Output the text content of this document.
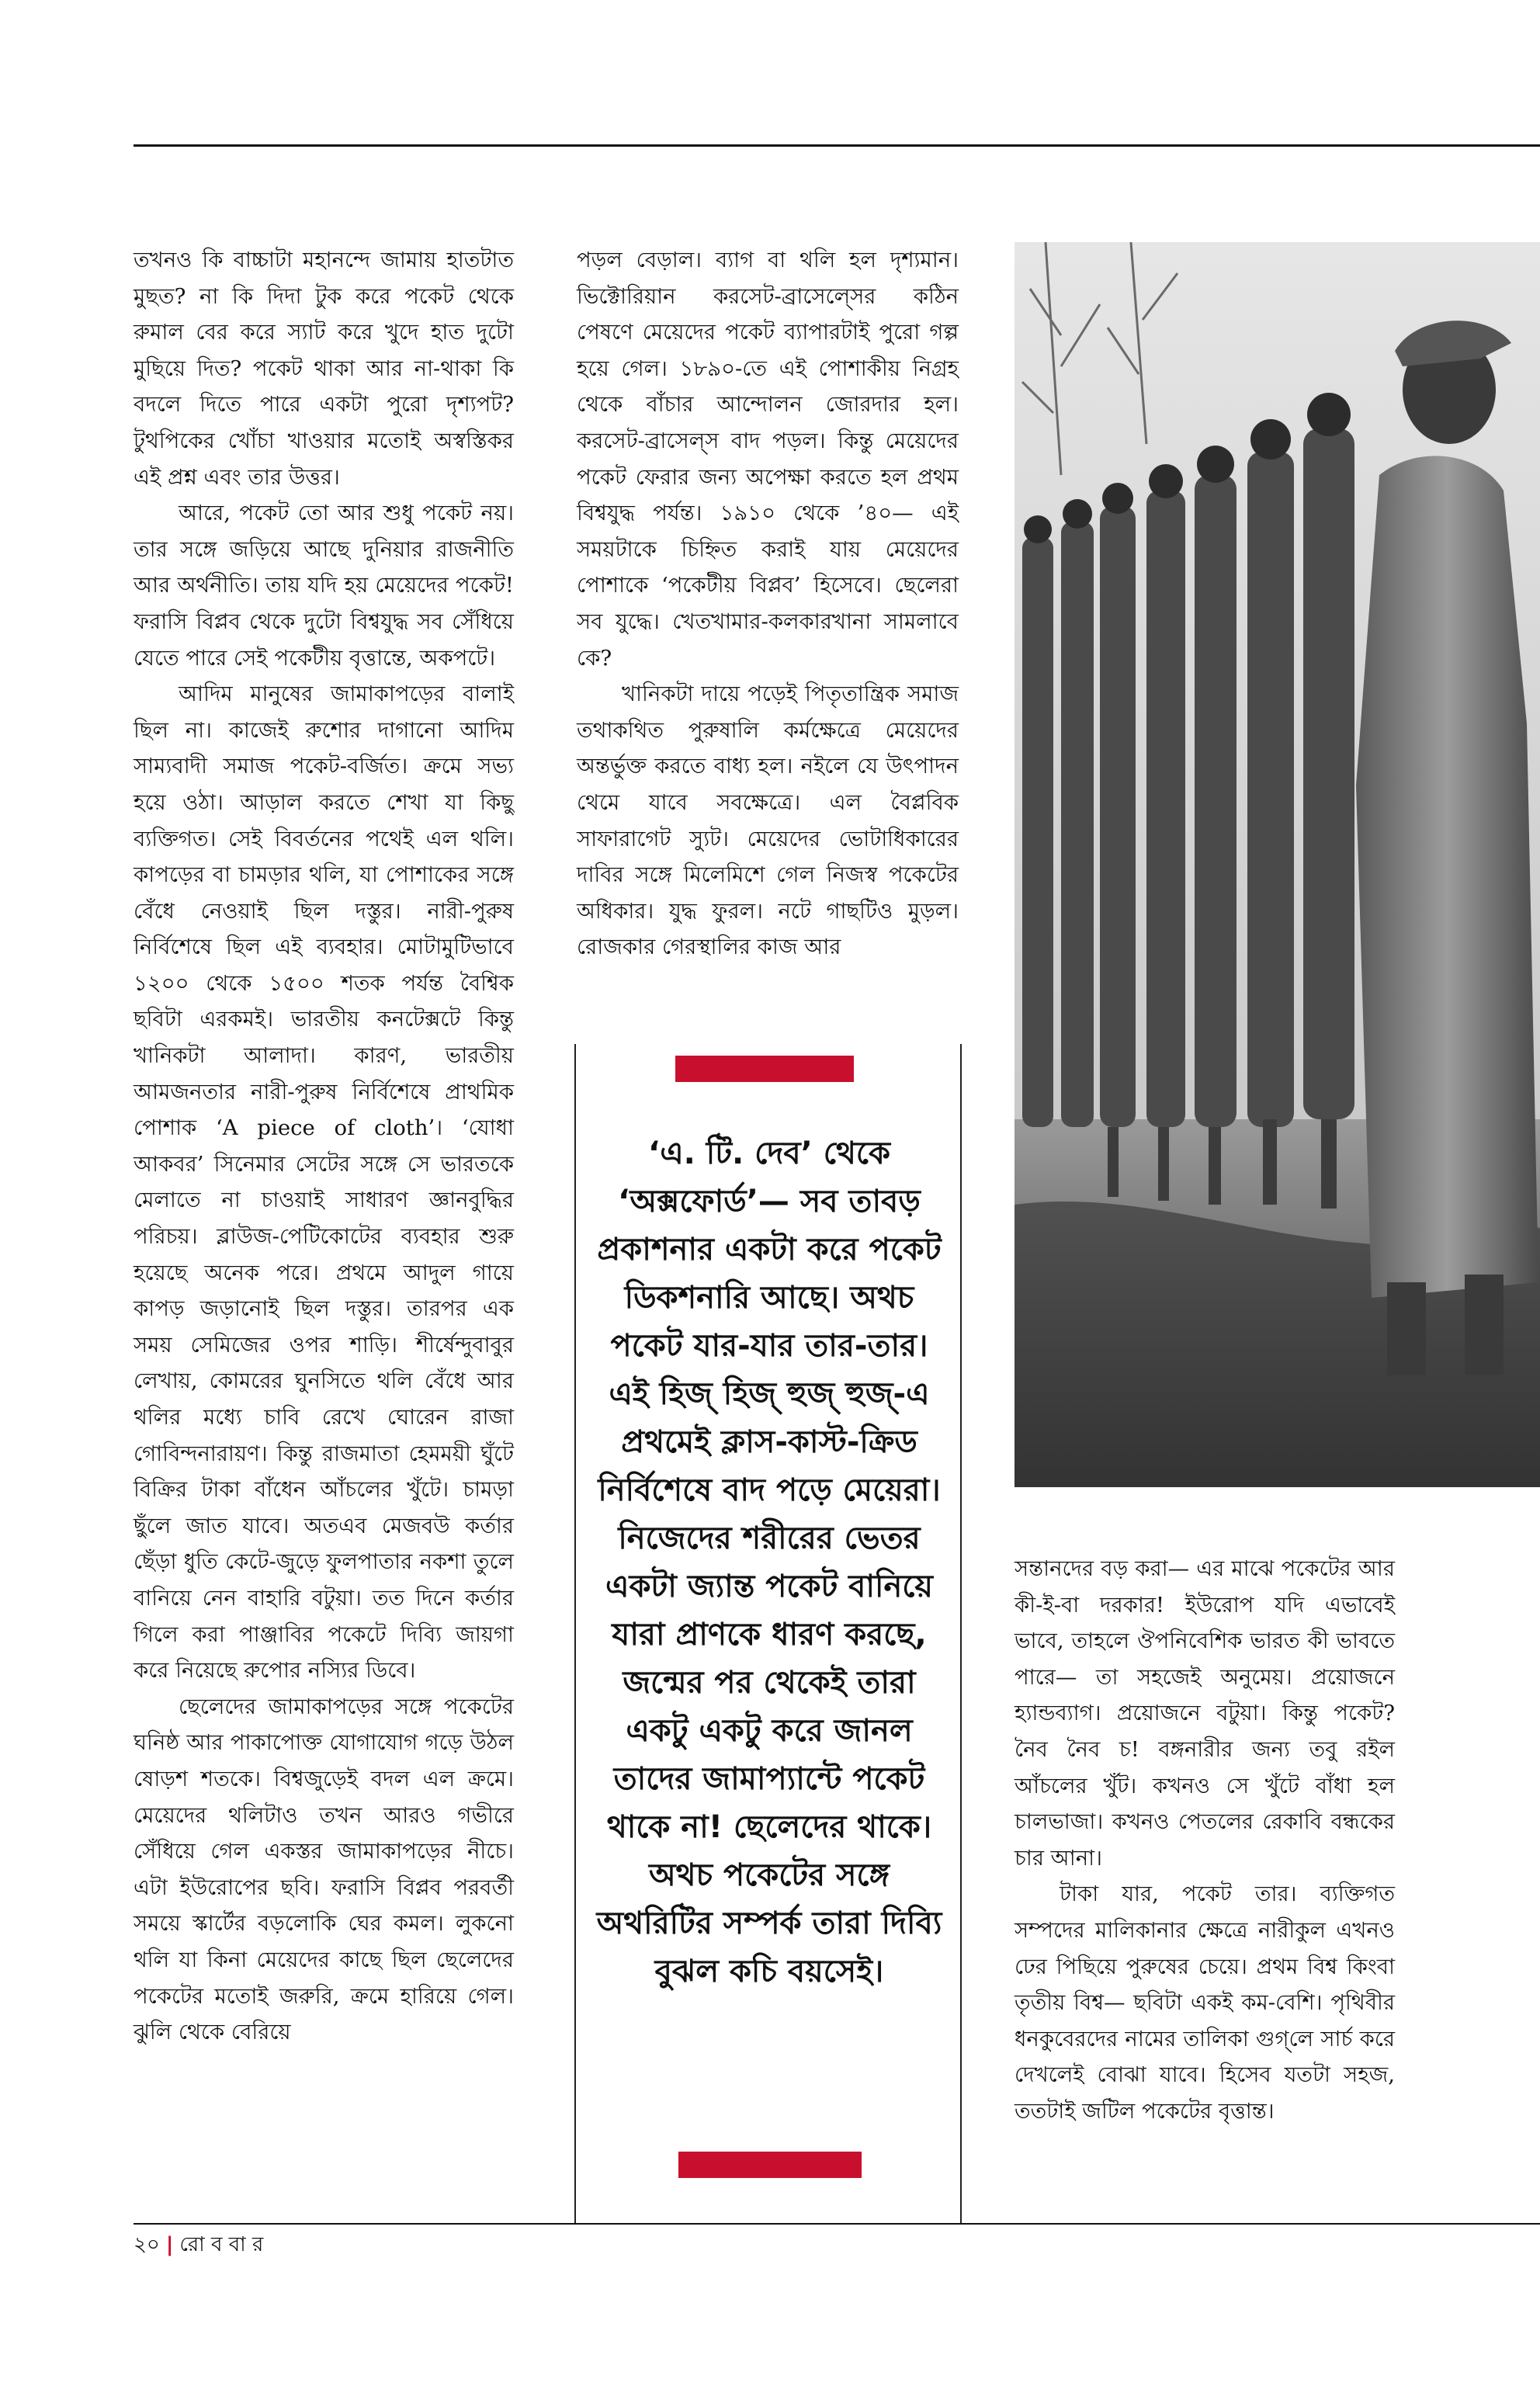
তখনও কি বাচ্চাটা মহানন্দে জামায় হাতটাত মুছত? না কি দিদা টুক করে পকেট থেকে রুমাল বের করে স্যাট করে খুদে হাত দুটো মুছিয়ে দিত? পকেট থাকা আর না-থাকা কি বদলে দিতে পারে একটা পুরো দৃশ্যপট? টুথপিকের খোঁচা খাওয়ার মতোই অস্বস্তিকর এই প্রশ্ন এবং তার উত্তর।

আরে, পকেট তো আর শুধু পকেট নয়। তার সঙ্গে জড়িয়ে আছে দুনিয়ার রাজনীতি আর অর্থনীতি। তায় যদি হয় মেয়েদের পকেট! ফরাসি বিপ্লব থেকে দুটো বিশ্বযুদ্ধ সব সেঁধিয়ে যেতে পারে সেই পকেটীয় বৃত্তান্তে, অকপটে।

আদিম মানুষের জামাকাপড়ের বালাই ছিল না। কাজেই রুশোর দাগানো আদিম সাম্যবাদী সমাজ পকেট-বর্জিত। ক্রমে সভ্য হয়ে ওঠা। আড়াল করতে শেখা যা কিছু ব্যক্তিগত। সেই বিবর্তনের পথেই এল থলি। কাপড়ের বা চামড়ার থলি, যা পোশাকের সঙ্গে বেঁধে নেওয়াই ছিল দস্তুর। নারী-পুরুষ নির্বিশেষে ছিল এই ব্যবহার। মোটামুটিভাবে ১২০০ থেকে ১৫০০ শতক পর্যন্ত বৈশ্বিক ছবিটা এরকমই। ভারতীয় কনটেক্সটে কিন্তু খানিকটা আলাদা। কারণ, ভারতীয় আমজনতার নারী-পুরুষ নির্বিশেষে প্রাথমিক পোশাক ‘A piece of cloth’। ‘যোধা আকবর’ সিনেমার সেটের সঙ্গে সে ভারতকে মেলাতে না চাওয়াই সাধারণ জ্ঞানবুদ্ধির পরিচয়। ব্লাউজ-পেটিকোটের ব্যবহার শুরু হয়েছে অনেক পরে। প্রথমে আদুল গায়ে কাপড় জড়ানোই ছিল দস্তুর। তারপর এক সময় সেমিজের ওপর শাড়ি। শীর্ষেন্দুবাবুর লেখায়, কোমরের ঘুনসিতে থলি বেঁধে আর থলির মধ্যে চাবি রেখে ঘোরেন রাজা গোবিন্দনারায়ণ। কিন্তু রাজমাতা হেমময়ী ঘুঁটে বিক্রির টাকা বাঁধেন আঁচলের খুঁটে। চামড়া ছুঁলে জাত যাবে। অতএব মেজবউ কর্তার ছেঁড়া ধুতি কেটে-জুড়ে ফুলপাতার নকশা তুলে বানিয়ে নেন বাহারি বটুয়া। তত দিনে কর্তার গিলে করা পাঞ্জাবির পকেটে দিব্যি জায়গা করে নিয়েছে রুপোর নস্যির ডিবে।

ছেলেদের জামাকাপড়ের সঙ্গে পকেটের ঘনিষ্ঠ আর পাকাপোক্ত যোগাযোগ গড়ে উঠল ষোড়শ শতকে। বিশ্বজুড়েই বদল এল ক্রমে। মেয়েদের থলিটাও তখন আরও গভীরে সেঁধিয়ে গেল একস্তর জামাকাপড়ের নীচে। এটা ইউরোপের ছবি। ফরাসি বিপ্লব পরবর্তী সময়ে স্কার্টের বড়লোকি ঘের কমল। লুকনো থলি যা কিনা মেয়েদের কাছে ছিল ছেলেদের পকেটের মতোই জরুরি, ক্রমে হারিয়ে গেল। ঝুলি থেকে বেরিয়ে

পড়ল বেড়াল। ব্যাগ বা থলি হল দৃশ্যমান। ভিক্টোরিয়ান করসেট-ব্রাসেল্সের কঠিন পেষণে মেয়েদের পকেট ব্যাপারটাই পুরো গল্প হয়ে গেল। ১৮৯০-তে এই পোশাকীয় নিগ্রহ থেকে বাঁচার আন্দোলন জোরদার হল। করসেট-ব্রাসেল্স বাদ পড়ল। কিন্তু মেয়েদের পকেট ফেরার জন্য অপেক্ষা করতে হল প্রথম বিশ্বযুদ্ধ পর্যন্ত। ১৯১০ থেকে ’৪০— এই সময়টাকে চিহ্নিত করাই যায় মেয়েদের পোশাকে ‘পকেটীয় বিপ্লব’ হিসেবে। ছেলেরা সব যুদ্ধে। খেতখামার-কলকারখানা সামলাবে কে?

খানিকটা দায়ে পড়েই পিতৃতান্ত্রিক সমাজ তথাকথিত পুরুষালি কর্মক্ষেত্রে মেয়েদের অন্তর্ভুক্ত করতে বাধ্য হল। নইলে যে উৎপাদন থেমে যাবে সবক্ষেত্রে। এল বৈপ্লবিক সাফারাগেট স্যুট। মেয়েদের ভোটাধিকারের দাবির সঙ্গে মিলেমিশে গেল নিজস্ব পকেটের অধিকার। যুদ্ধ ফুরল। নটে গাছটিও মুড়ল। রোজকার গেরস্থালির কাজ আর

‘এ. টি. দেব’ থেকে ‘অক্সফোর্ড’— সব তাবড় প্রকাশনার একটা করে পকেট ডিকশনারি আছে। অথচ পকেট যার-যার তার-তার। এই হিজ্ হিজ্ হুজ্ হুজ্-এ প্রথমেই ক্লাস-কাস্ট-ক্রিড নির্বিশেষে বাদ পড়ে মেয়েরা। নিজেদের শরীরের ভেতর একটা জ্যান্ত পকেট বানিয়ে যারা প্রাণকে ধারণ করছে, জন্মের পর থেকেই তারা একটু একটু করে জানল তাদের জামাপ্যান্টে পকেট থাকে না! ছেলেদের থাকে। অথচ পকেটের সঙ্গে অথরিটির সম্পর্ক তারা দিব্যি বুঝল কচি বয়সেই।

সন্তানদের বড় করা— এর মাঝে পকেটের আর কী-ই-বা দরকার! ইউরোপ যদি এভাবেই ভাবে, তাহলে ঔপনিবেশিক ভারত কী ভাবতে পারে— তা সহজেই অনুমেয়। প্রয়োজনে হ্যান্ডব্যাগ। প্রয়োজনে বটুয়া। কিন্তু পকেট? নৈব নৈব চ! বঙ্গনারীর জন্য তবু রইল আঁচলের খুঁট। কখনও সে খুঁটে বাঁধা হল চালভাজা। কখনও পেতলের রেকাবি বন্ধকের চার আনা।

টাকা যার, পকেট তার। ব্যক্তিগত সম্পদের মালিকানার ক্ষেত্রে নারীকুল এখনও ঢের পিছিয়ে পুরুষের চেয়ে। প্রথম বিশ্ব কিংবা তৃতীয় বিশ্ব— ছবিটা একই কম-বেশি। পৃথিবীর ধনকুবেরদের নামের তালিকা গুগ্‌লে সার্চ করে দেখলেই বোঝা যাবে। হিসেব যতটা সহজ, ততটাই জটিল পকেটের বৃত্তান্ত।

২০ | রো ব বা র
